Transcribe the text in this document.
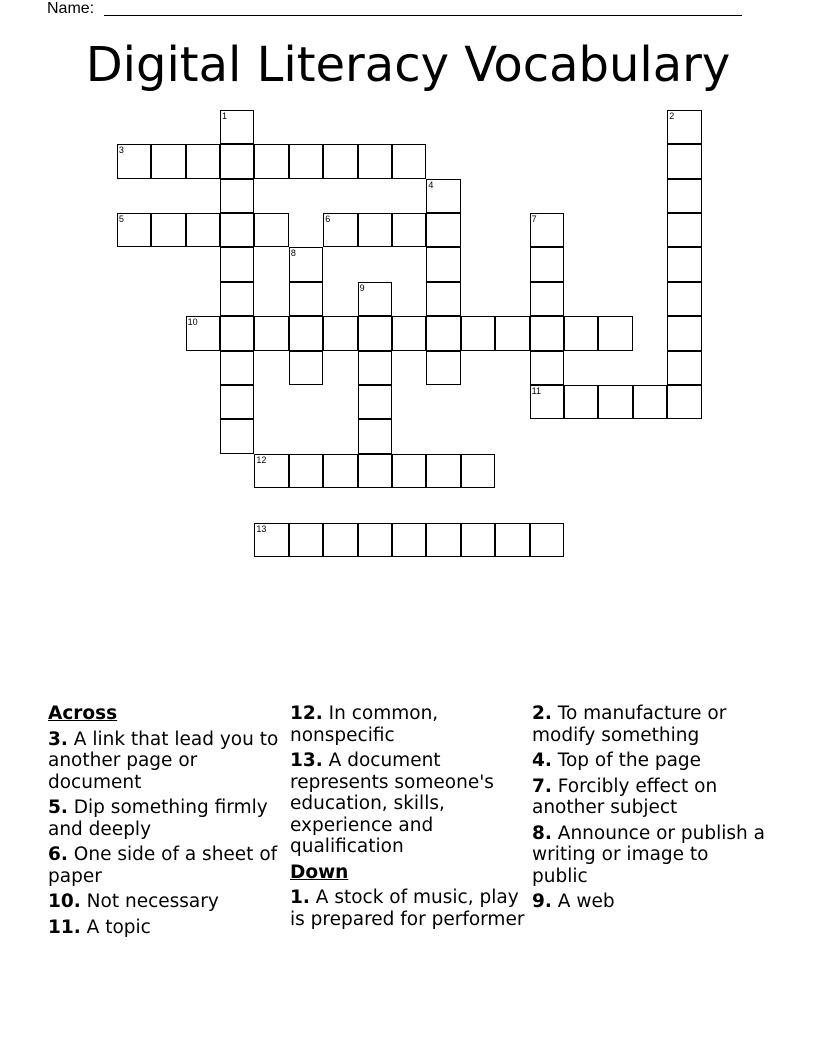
Name:
Digital Literacy Vocabulary
1	2
3
4
5	6	7
11
8
9
10
12
13
Across
3. A link that lead you to another page or document
5. Dip something firmly and deeply
6. One side of a sheet of paper
10. Not necessary
11. A topic
12. In common, nonspecific
13. A document represents someone's education, skills, experience and qualification
Down
1. A stock of music, play is prepared for performer
2. To manufacture or modify something
4. Top of the page
7. Forcibly effect on another subject
8. Announce or publish a writing or image to public
9. A web
